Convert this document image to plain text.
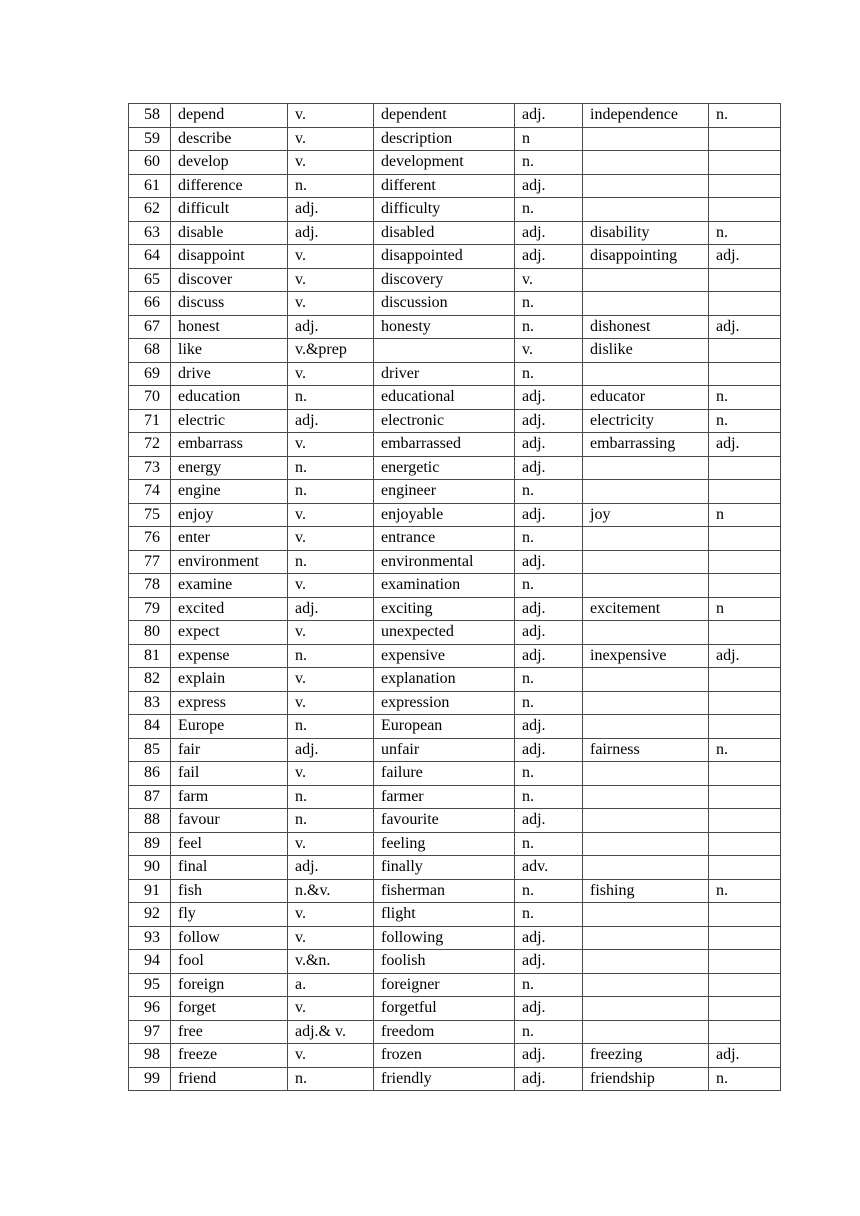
58	depend	v.	dependent	adj.	independence	n.
59	describe	v.	description	n		
60	develop	v.	development	n.		
61	difference	n.	different	adj.		
62	difficult	adj.	difficulty	n.		
63	disable	adj.	disabled	adj.	disability	n.
64	disappoint	v.	disappointed	adj.	disappointing	adj.
65	discover	v.	discovery	v.		
66	discuss	v.	discussion	n.		
67	honest	adj.	honesty	n.	dishonest	adj.
68	like	v.&prep		v.	dislike	
69	drive	v.	driver	n.		
70	education	n.	educational	adj.	educator	n.
71	electric	adj.	electronic	adj.	electricity	n.
72	embarrass	v.	embarrassed	adj.	embarrassing	adj.
73	energy	n.	energetic	adj.		
74	engine	n.	engineer	n.		
75	enjoy	v.	enjoyable	adj.	joy	n
76	enter	v.	entrance	n.		
77	environment	n.	environmental	adj.		
78	examine	v.	examination	n.		
79	excited	adj.	exciting	adj.	excitement	n
80	expect	v.	unexpected	adj.		
81	expense	n.	expensive	adj.	inexpensive	adj.
82	explain	v.	explanation	n.		
83	express	v.	expression	n.		
84	Europe	n.	European	adj.		
85	fair	adj.	unfair	adj.	fairness	n.
86	fail	v.	failure	n.		
87	farm	n.	farmer	n.		
88	favour	n.	favourite	adj.		
89	feel	v.	feeling	n.		
90	final	adj.	finally	adv.		
91	fish	n.&v.	fisherman	n.	fishing	n.
92	fly	v.	flight	n.		
93	follow	v.	following	adj.		
94	fool	v.&n.	foolish	adj.		
95	foreign	a.	foreigner	n.		
96	forget	v.	forgetful	adj.		
97	free	adj.& v.	freedom	n.		
98	freeze	v.	frozen	adj.	freezing	adj.
99	friend	n.	friendly	adj.	friendship	n.
